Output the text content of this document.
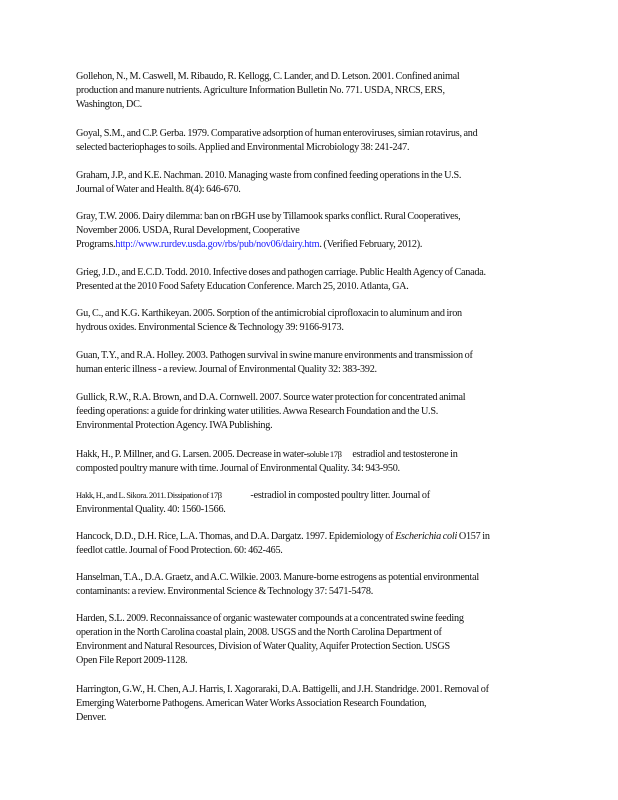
Gollehon, N., M. Caswell, M. Ribaudo, R. Kellogg, C. Lander, and D. Letson. 2001. Confined animal
production and manure nutrients. Agriculture Information Bulletin No. 771. USDA, NRCS, ERS,
Washington, DC.
Goyal, S.M., and C.P. Gerba. 1979. Comparative adsorption of human enteroviruses, simian rotavirus, and
selected bacteriophages to soils. Applied and Environmental Microbiology 38: 241-247.
Graham, J.P., and K.E. Nachman. 2010. Managing waste from confined feeding operations in the U.S.
Journal of Water and Health. 8(4): 646-670.
Gray, T.W. 2006. Dairy dilemma: ban on rBGH use by Tillamook sparks conflict. Rural Cooperatives,
November 2006. USDA, Rural Development, Cooperative
Programs.http://www.rurdev.usda.gov/rbs/pub/nov06/dairy.htm. (Verified February, 2012).
Grieg, J.D., and E.C.D. Todd. 2010. Infective doses and pathogen carriage. Public Health Agency of Canada.
Presented at the 2010 Food Safety Education Conference. March 25, 2010. Atlanta, GA.
Gu, C., and K.G. Karthikeyan. 2005. Sorption of the antimicrobial ciprofloxacin to aluminum and iron
hydrous oxides. Environmental Science & Technology 39: 9166-9173.
Guan, T.Y., and R.A. Holley. 2003. Pathogen survival in swine manure environments and transmission of
human enteric illness - a review. Journal of Environmental Quality 32: 383-392.
Gullick, R.W., R.A. Brown, and D.A. Cornwell. 2007. Source water protection for concentrated animal
feeding operations: a guide for drinking water utilities. Awwa Research Foundation and the U.S.
Environmental Protection Agency. IWA Publishing.
Hakk, H., P. Millner, and G. Larsen. 2005. Decrease in water-soluble 17β estradiol and testosterone in
composted poultry manure with time. Journal of Environmental Quality. 34: 943-950.
Hakk, H., and L. Sikora. 2011. Dissipation of 17β	-estradiol in composted poultry litter. Journal of
Environmental Quality. 40: 1560-1566.
Hancock, D.D., D.H. Rice, L.A. Thomas, and D.A. Dargatz. 1997. Epidemiology of Escherichia coli O157 in
feedlot cattle. Journal of Food Protection. 60: 462-465.
Hanselman, T.A., D.A. Graetz, and A.C. Wilkie. 2003. Manure-borne estrogens as potential environmental
contaminants: a review. Environmental Science & Technology 37: 5471-5478.
Harden, S.L. 2009. Reconnaissance of organic wastewater compounds at a concentrated swine feeding
operation in the North Carolina coastal plain, 2008. USGS and the North Carolina Department of
Environment and Natural Resources, Division of Water Quality, Aquifer Protection Section. USGS
Open File Report 2009-1128.
Harrington, G.W., H. Chen, A.J. Harris, I. Xagoraraki, D.A. Battigelli, and J.H. Standridge. 2001. Removal of
Emerging Waterborne Pathogens. American Water Works Association Research Foundation,
Denver.
